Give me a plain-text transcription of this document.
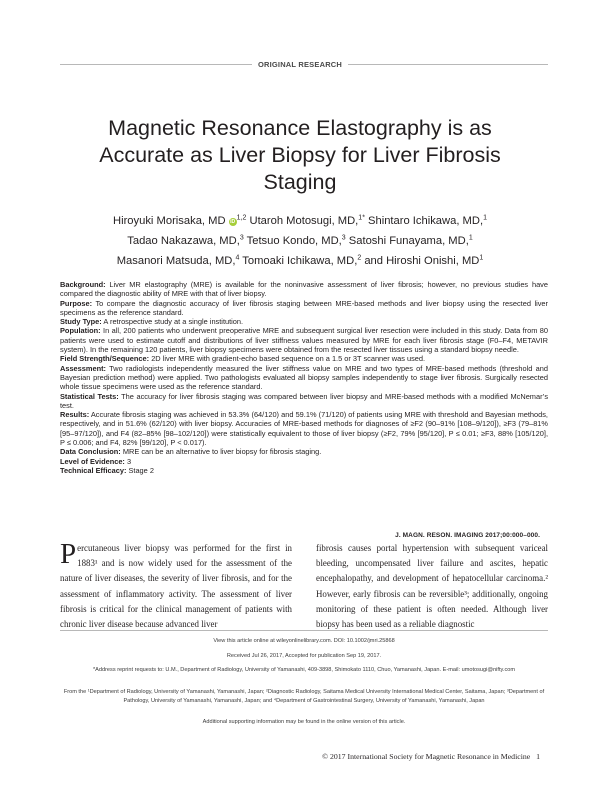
ORIGINAL RESEARCH
Magnetic Resonance Elastography is as
Accurate as Liver Biopsy for Liver Fibrosis
Staging
Hiroyuki Morisaka, MD iD$^{1,2}$ Utaroh Motosugi, MD,$^{1*}$ Shintaro Ichikawa, MD,$^1$
Tadao Nakazawa, MD,$^3$ Tetsuo Kondo, MD,$^3$ Satoshi Funayama, MD,$^1$
Masanori Matsuda, MD,$^4$ Tomoaki Ichikawa, MD,$^2$ and Hiroshi Onishi, $MD^1$

Background: Liver MR elastography (MRE) is available for the noninvasive assessment of liver fibrosis; however, no previous studies have compared the diagnostic ability of MRE with that of liver biopsy.

Purpose: To compare the diagnostic accuracy of liver fibrosis staging between MRE-based methods and liver biopsy using the resected liver specimens as the reference standard.

Study Type: A retrospective study at a single institution.

Population: In all, 200 patients who underwent preoperative MRE and subsequent surgical liver resection were included in this study. Data from 80 patients were used to estimate cutoff and distributions of liver stiffness values measured by MRE for each liver fibrosis stage (F0–F4, METAVIR system). In the remaining 120 patients, liver biopsy specimens were obtained from the resected liver tissues using a standard biopsy needle.

Field Strength/Sequence: 2D liver MRE with gradient-echo based sequence on a 1.5 or 3T scanner was used.

Assessment: Two radiologists independently measured the liver stiffness value on MRE and two types of MRE-based methods (threshold and Bayesian prediction method) were applied. Two pathologists evaluated all biopsy samples independently to stage liver fibrosis. Surgically resected whole tissue specimens were used as the reference standard.

Statistical Tests: The accuracy for liver fibrosis staging was compared between liver biopsy and MRE-based methods with a modified McNemar’s test.

Results: Accurate fibrosis staging was achieved in 53.3% (64/120) and 59.1% (71/120) of patients using MRE with threshold and Bayesian methods, respectively, and in 51.6% (62/120) with liver biopsy. Accuracies of MRE-based methods for diagnoses of ≥F2 (90–91% [108–9/120]), ≥F3 (79–81% [95–97/120]), and F4 (82–85% [98–102/120]) were statistically equivalent to those of liver biopsy (≥F2, 79% [95/120], P ≤ 0.01; ≥F3, 88% [105/120], P ≤ 0.006; and F4, 82% [99/120], P < 0.017).

Data Conclusion: MRE can be an alternative to liver biopsy for fibrosis staging.

Level of Evidence: 3

Technical Efficacy: Stage 2

J. MAGN. RESON. IMAGING 2017;00:000–000.

Percutaneous liver biopsy was performed for the first in 1883¹ and is now widely used for the assessment of the nature of liver diseases, the severity of liver fibrosis, and for the assessment of inflammatory activity. The assessment of liver fibrosis is critical for the clinical management of patients with chronic liver disease because advanced liver

fibrosis causes portal hypertension with subsequent variceal bleeding, uncompensated liver failure and ascites, hepatic encephalopathy, and development of hepatocellular carcinoma.² However, early fibrosis can be reversible³; additionally, ongoing monitoring of these patient is often needed. Although liver biopsy has been used as a reliable diagnostic

View this article online at wileyonlinelibrary.com. DOI: 10.1002/jmri.25868
Received Jul 26, 2017, Accepted for publication Sep 19, 2017.
*Address reprint requests to: U.M., Department of Radiology, University of Yamanashi, 409-3898, Shimokato 1110, Chuo, Yamanashi, Japan. E-mail: umotosugi@nifty.com
From the ¹Department of Radiology, University of Yamanashi, Yamanashi, Japan; ²Diagnostic Radiology, Saitama Medical University International Medical Center, Saitama, Japan; ³Department of Pathology, University of Yamanashi, Yamanashi, Japan; and ⁴Department of Gastrointestinal Surgery, University of Yamanashi, Yamanashi, Japan
Additional supporting information may be found in the online version of this article.
© 2017 International Society for Magnetic Resonance in Medicine 1
